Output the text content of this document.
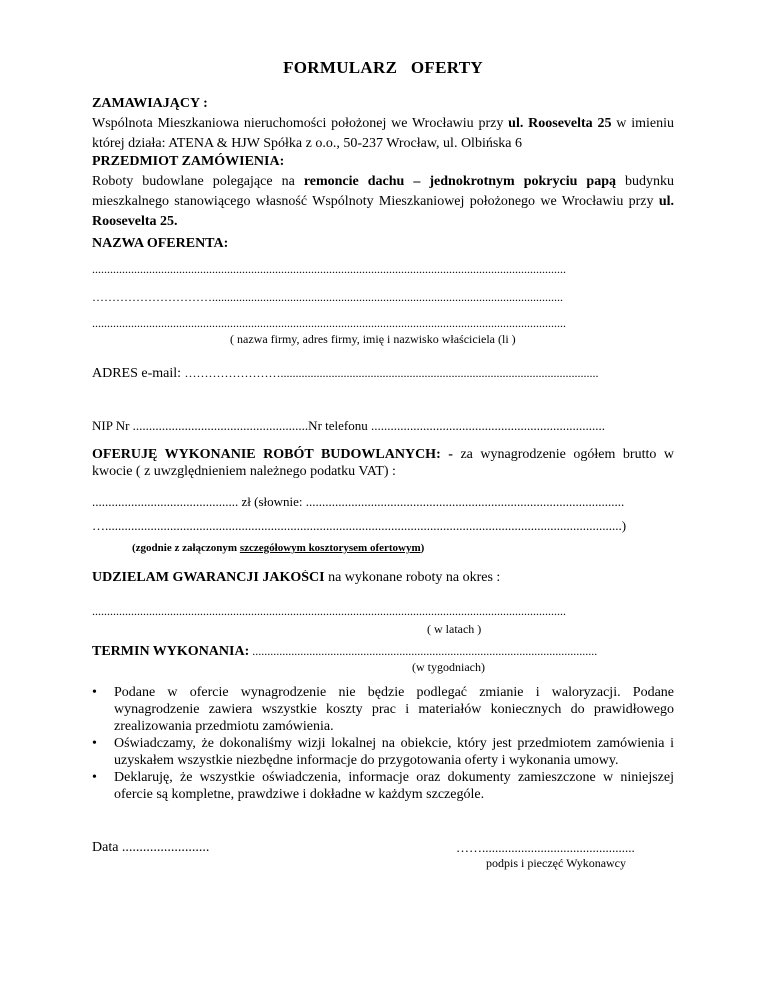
FORMULARZ   OFERTY
ZAMAWIAJĄCY :
Wspólnota Mieszkaniowa nieruchomości położonej we Wrocławiu przy ul. Roosevelta 25 w imieniu której działa: ATENA & HJW Spółka z o.o., 50-237 Wrocław, ul. Olbińska 6
PRZEDMIOT ZAMÓWIENIA:
Roboty budowlane polegające na remoncie dachu – jednokrotnym pokryciu papą budynku mieszkalnego stanowiącego własność Wspólnoty Mieszkaniowej położonego we Wrocławiu przy ul. Roosevelta 25.
NAZWA OFERENTA:
..............................................................................................................................................................
………………………….....................................................................................................................
..............................................................................................................................................................
( nazwa firmy, adres firmy, imię i nazwisko właściciela (li )
ADRES e-mail: ……………………..........................................................................................................
NIP Nr ......................................................Nr telefonu ........................................................................
OFERUJĘ WYKONANIE ROBÓT BUDOWLANYCH: - za wynagrodzenie ogółem brutto w kwocie ( z uwzględnieniem należnego podatku VAT) :
............................................. zł (słownie: ..................................................................................................
…...............................................................................................................................................................)
(zgodnie z załączonym szczegółowym kosztorysem ofertowym)
UDZIELAM GWARANCJI JAKOŚCI na wykonane roboty na okres :
..............................................................................................................................................................
( w latach )
TERMIN WYKONANIA: ...................................................................................................................
(w tygodniach)
• Podane w ofercie wynagrodzenie nie będzie podlegać zmianie i waloryzacji. Podane wynagrodzenie zawiera wszystkie koszty prac i materiałów koniecznych do prawidłowego zrealizowania przedmiotu zamówienia.
• Oświadczamy, że dokonaliśmy wizji lokalnej na obiekcie, który jest przedmiotem zamówienia i uzyskałem wszystkie niezbędne informacje do przygotowania oferty i wykonania umowy.
• Deklaruję, że wszystkie oświadczenia, informacje oraz dokumenty zamieszczone w niniejszej ofercie są kompletne, prawdziwe i dokładne w każdym szczególe.
Data .........................	……...............................................
podpis i pieczęć Wykonawcy
